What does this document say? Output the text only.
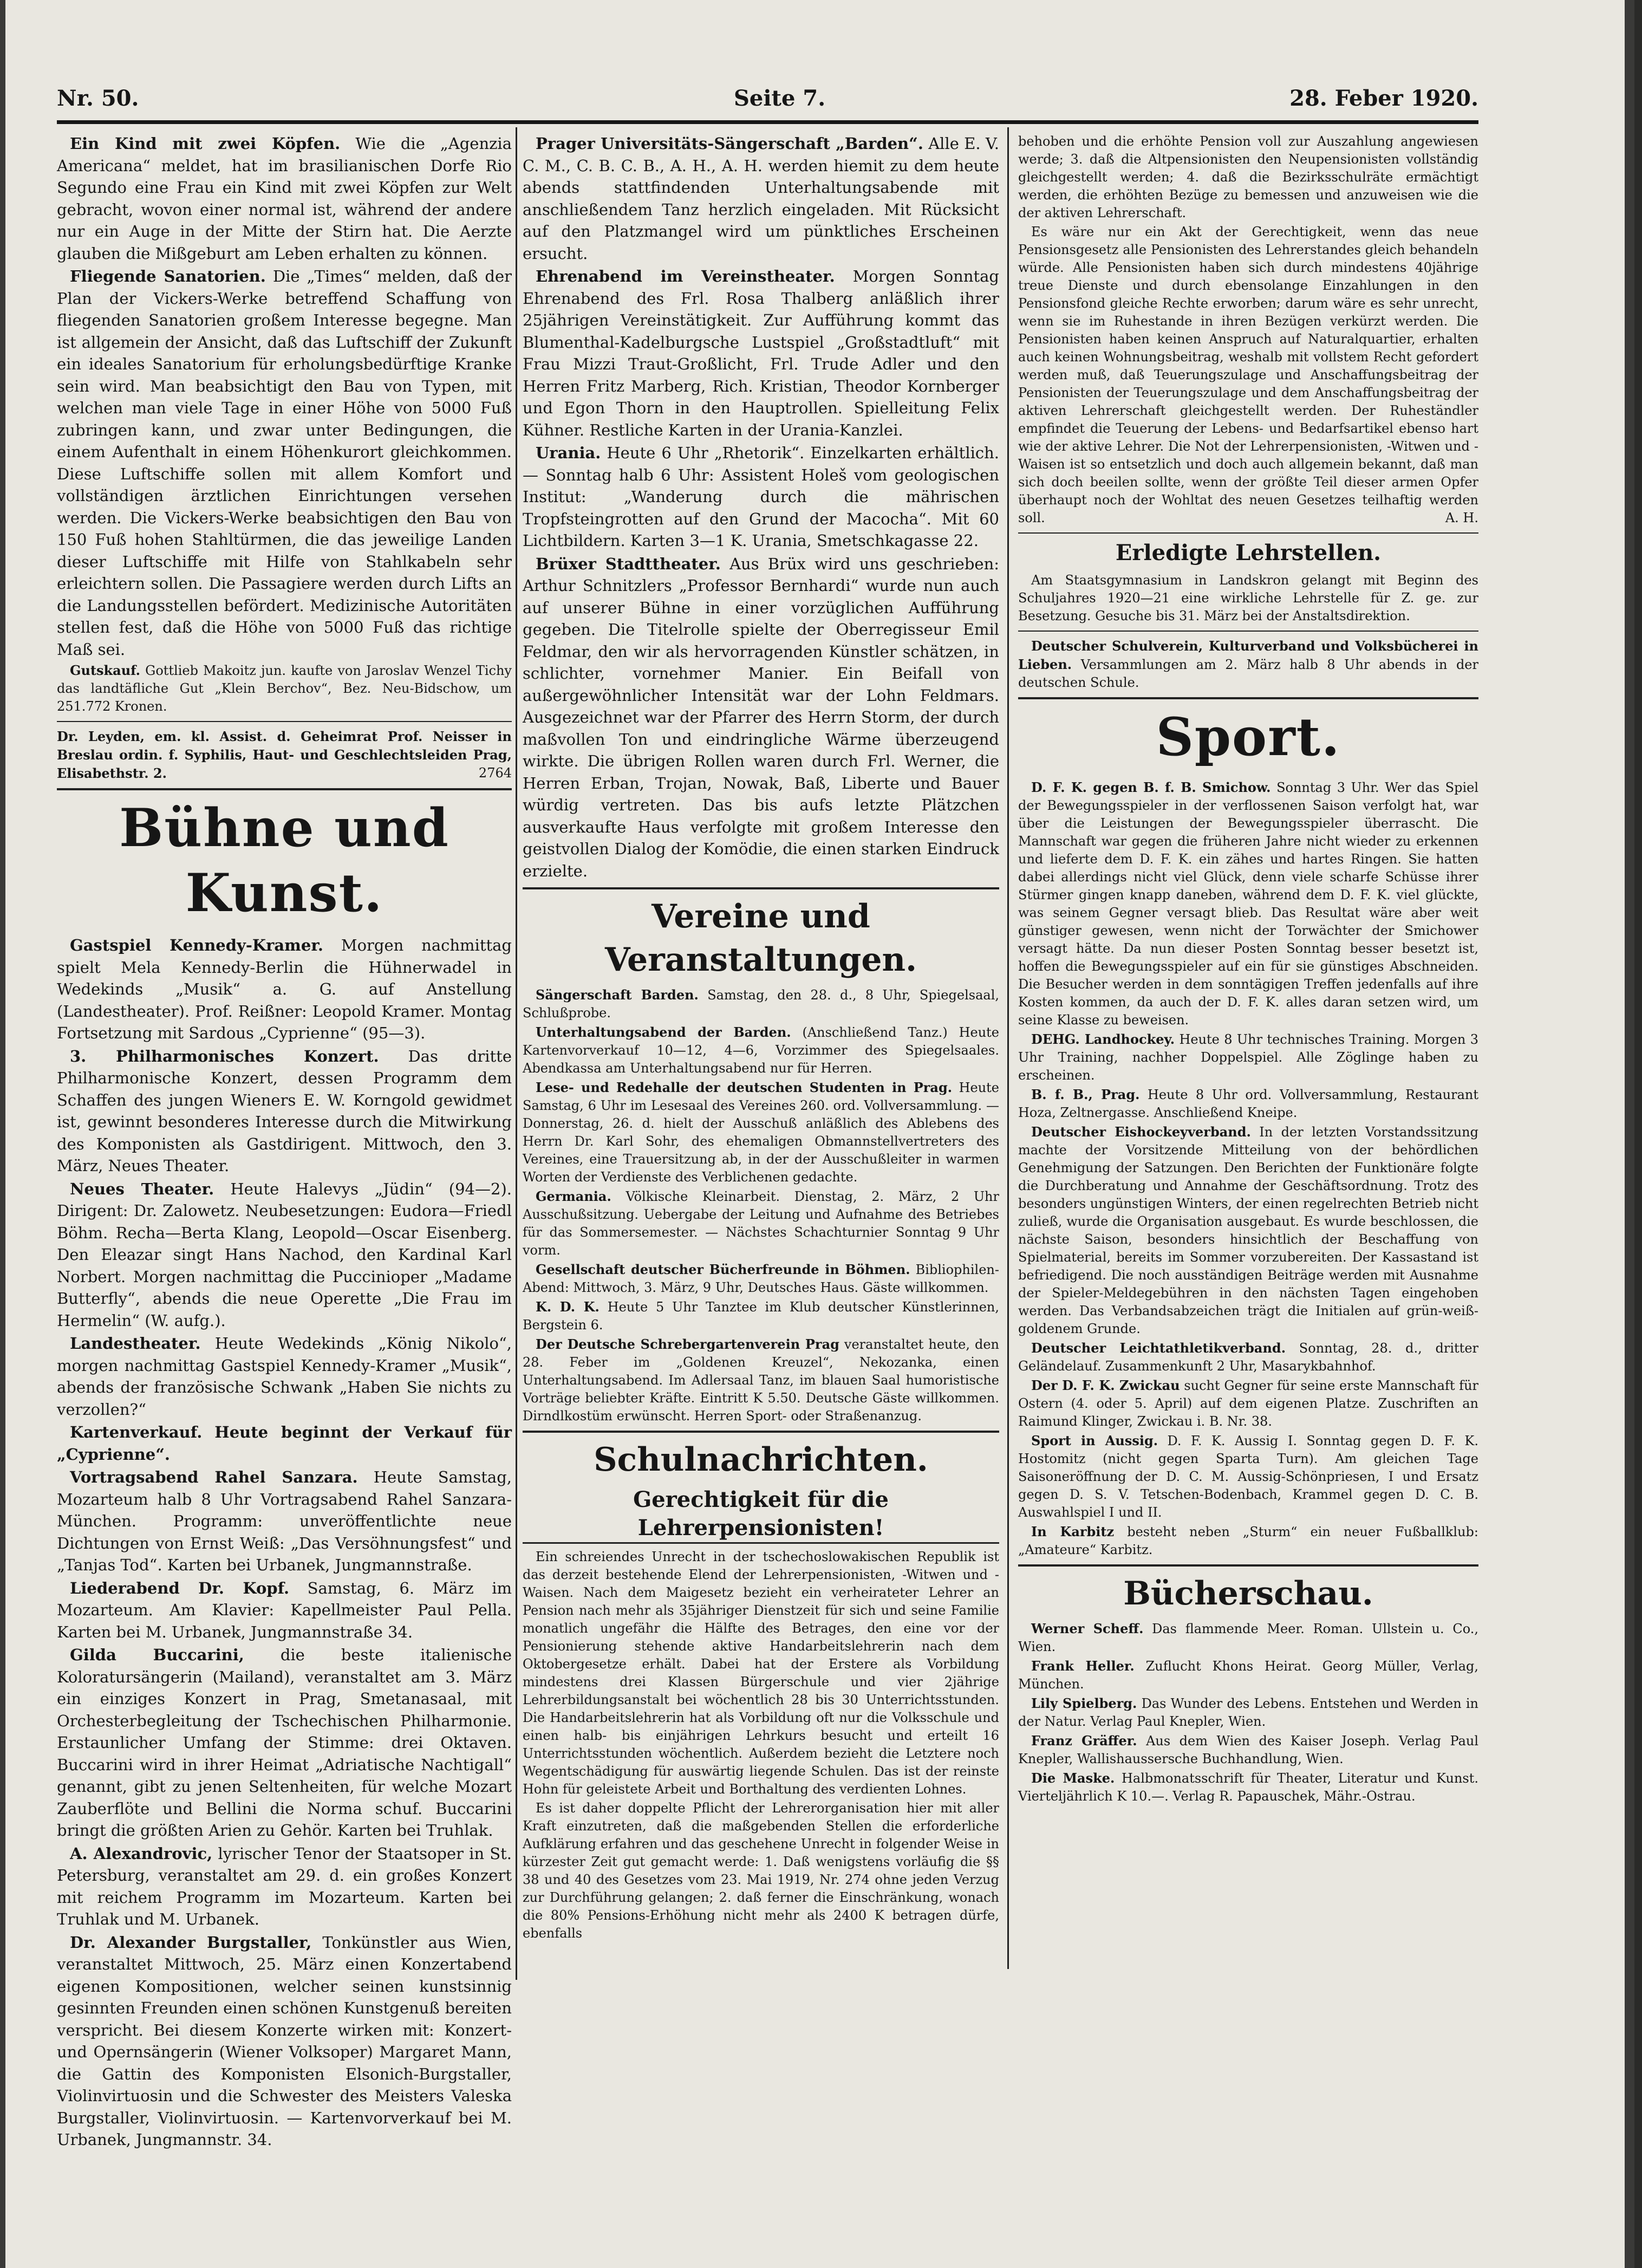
Nr. 50.	Seite 7.	28. Feber 1920.

Ein Kind mit zwei Köpfen. Wie die „Agenzia Americana“ meldet, hat im brasilianischen Dorfe Rio Segundo eine Frau ein Kind mit zwei Köpfen zur Welt gebracht, wovon einer normal ist, während der andere nur ein Auge in der Mitte der Stirn hat. Die Aerzte glauben die Mißgeburt am Leben erhalten zu können.

Fliegende Sanatorien. Die „Times“ melden, daß der Plan der Vickers-Werke betreffend Schaffung von fliegenden Sanatorien großem Interesse begegne. Man ist allgemein der Ansicht, daß das Luftschiff der Zukunft ein ideales Sanatorium für erholungsbedürftige Kranke sein wird. Man beabsichtigt den Bau von Typen, mit welchen man viele Tage in einer Höhe von 5000 Fuß zubringen kann, und zwar unter Bedingungen, die einem Aufenthalt in einem Höhenkurort gleichkommen. Diese Luftschiffe sollen mit allem Komfort und vollständigen ärztlichen Einrichtungen versehen werden. Die Vickers-Werke beabsichtigen den Bau von 150 Fuß hohen Stahltürmen, die das jeweilige Landen dieser Luftschiffe mit Hilfe von Stahlkabeln sehr erleichtern sollen. Die Passagiere werden durch Lifts an die Landungsstellen befördert. Medizinische Autoritäten stellen fest, daß die Höhe von 5000 Fuß das richtige Maß sei.

Gutskauf. Gottlieb Makoitz jun. kaufte von Jaroslav Wenzel Tichy das landtäfliche Gut „Klein Berchov“, Bez. Neu-Bidschow, um 251.772 Kronen.

Dr. Leyden, em. kl. Assist. d. Geheimrat Prof. Neisser in Breslau ordin. f. Syphilis, Haut- und Geschlechtsleiden Prag, Elisabethstr. 2.	2764

Bühne und Kunst.

Gastspiel Kennedy-Kramer. Morgen nachmittag spielt Mela Kennedy-Berlin die Hühnerwadel in Wedekinds „Musik“ a. G. auf Anstellung (Landestheater). Prof. Reißner: Leopold Kramer. Montag Fortsetzung mit Sardous „Cyprienne“ (95—3).

3. Philharmonisches Konzert. Das dritte Philharmonische Konzert, dessen Programm dem Schaffen des jungen Wieners E. W. Korngold gewidmet ist, gewinnt besonderes Interesse durch die Mitwirkung des Komponisten als Gastdirigent. Mittwoch, den 3. März, Neues Theater.

Neues Theater. Heute Halevys „Jüdin“ (94—2). Dirigent: Dr. Zalowetz. Neubesetzungen: Eudora—Friedl Böhm. Recha—Berta Klang, Leopold—Oscar Eisenberg. Den Eleazar singt Hans Nachod, den Kardinal Karl Norbert. Morgen nachmittag die Puccinioper „Madame Butterfly“, abends die neue Operette „Die Frau im Hermelin“ (W. aufg.).

Landestheater. Heute Wedekinds „König Nikolo“, morgen nachmittag Gastspiel Kennedy-Kramer „Musik“, abends der französische Schwank „Haben Sie nichts zu verzollen?“

Kartenverkauf. Heute beginnt der Verkauf für „Cyprienne“.

Vortragsabend Rahel Sanzara. Heute Samstag, Mozarteum halb 8 Uhr Vortragsabend Rahel Sanzara-München. Programm: unveröffentlichte neue Dichtungen von Ernst Weiß: „Das Versöhnungsfest“ und „Tanjas Tod“. Karten bei Urbanek, Jungmannstraße.

Liederabend Dr. Kopf. Samstag, 6. März im Mozarteum. Am Klavier: Kapellmeister Paul Pella. Karten bei M. Urbanek, Jungmannstraße 34.

Gilda Buccarini, die beste italienische Koloratursängerin (Mailand), veranstaltet am 3. März ein einziges Konzert in Prag, Smetanasaal, mit Orchesterbegleitung der Tschechischen Philharmonie. Erstaunlicher Umfang der Stimme: drei Oktaven. Buccarini wird in ihrer Heimat „Adriatische Nachtigall“ genannt, gibt zu jenen Seltenheiten, für welche Mozart Zauberflöte und Bellini die Norma schuf. Buccarini bringt die größten Arien zu Gehör. Karten bei Truhlak.

A. Alexandrovic, lyrischer Tenor der Staatsoper in St. Petersburg, veranstaltet am 29. d. ein großes Konzert mit reichem Programm im Mozarteum. Karten bei Truhlak und M. Urbanek.

Dr. Alexander Burgstaller, Tonkünstler aus Wien, veranstaltet Mittwoch, 25. März einen Konzertabend eigenen Kompositionen, welcher seinen kunstsinnig gesinnten Freunden einen schönen Kunstgenuß bereiten verspricht. Bei diesem Konzerte wirken mit: Konzert- und Opernsängerin (Wiener Volksoper) Margaret Mann, die Gattin des Komponisten Elsonich-Burgstaller, Violinvirtuosin und die Schwester des Meisters Valeska Burgstaller, Violinvirtuosin. — Kartenvorverkauf bei M. Urbanek, Jungmannstr. 34.

Prager Universitäts-Sängerschaft „Barden“. Alle E. V. C. M., C. B. C. B., A. H., A. H. werden hiemit zu dem heute abends stattfindenden Unterhaltungsabende mit anschließendem Tanz herzlich eingeladen. Mit Rücksicht auf den Platzmangel wird um pünktliches Erscheinen ersucht.

Ehrenabend im Vereinstheater. Morgen Sonntag Ehrenabend des Frl. Rosa Thalberg anläßlich ihrer 25jährigen Vereinstätigkeit. Zur Aufführung kommt das Blumenthal-Kadelburgsche Lustspiel „Großstadtluft“ mit Frau Mizzi Traut-Großlicht, Frl. Trude Adler und den Herren Fritz Marberg, Rich. Kristian, Theodor Kornberger und Egon Thorn in den Hauptrollen. Spielleitung Felix Kühner. Restliche Karten in der Urania-Kanzlei.

Urania. Heute 6 Uhr „Rhetorik“. Einzelkarten erhältlich. — Sonntag halb 6 Uhr: Assistent Holeš vom geologischen Institut: „Wanderung durch die mährischen Tropfsteingrotten auf den Grund der Macocha“. Mit 60 Lichtbildern. Karten 3—1 K. Urania, Smetschkagasse 22.

Brüxer Stadttheater. Aus Brüx wird uns geschrieben: Arthur Schnitzlers „Professor Bernhardi“ wurde nun auch auf unserer Bühne in einer vorzüglichen Aufführung gegeben. Die Titelrolle spielte der Oberregisseur Emil Feldmar, den wir als hervorragenden Künstler schätzen, in schlichter, vornehmer Manier. Ein Beifall von außergewöhnlicher Intensität war der Lohn Feldmars. Ausgezeichnet war der Pfarrer des Herrn Storm, der durch maßvollen Ton und eindringliche Wärme überzeugend wirkte. Die übrigen Rollen waren durch Frl. Werner, die Herren Erban, Trojan, Nowak, Baß, Liberte und Bauer würdig vertreten. Das bis aufs letzte Plätzchen ausverkaufte Haus verfolgte mit großem Interesse den geistvollen Dialog der Komödie, die einen starken Eindruck erzielte.

Vereine und Veranstaltungen.

Sängerschaft Barden. Samstag, den 28. d., 8 Uhr, Spiegelsaal, Schlußprobe.

Unterhaltungsabend der Barden. (Anschließend Tanz.) Heute Kartenvorverkauf 10—12, 4—6, Vorzimmer des Spiegelsaales. Abendkassa am Unterhaltungsabend nur für Herren.

Lese- und Redehalle der deutschen Studenten in Prag. Heute Samstag, 6 Uhr im Lesesaal des Vereines 260. ord. Vollversammlung. — Donnerstag, 26. d. hielt der Ausschuß anläßlich des Ablebens des Herrn Dr. Karl Sohr, des ehemaligen Obmannstellvertreters des Vereines, eine Trauersitzung ab, in der der Ausschußleiter in warmen Worten der Verdienste des Verblichenen gedachte.

Germania. Völkische Kleinarbeit. Dienstag, 2. März, 2 Uhr Ausschußsitzung. Uebergabe der Leitung und Aufnahme des Betriebes für das Sommersemester. — Nächstes Schachturnier Sonntag 9 Uhr vorm.

Gesellschaft deutscher Bücherfreunde in Böhmen. Bibliophilen-Abend: Mittwoch, 3. März, 9 Uhr, Deutsches Haus. Gäste willkommen.

K. D. K. Heute 5 Uhr Tanztee im Klub deutscher Künstlerinnen, Bergstein 6.

Der Deutsche Schrebergartenverein Prag veranstaltet heute, den 28. Feber im „Goldenen Kreuzel“, Nekozanka, einen Unterhaltungsabend. Im Adlersaal Tanz, im blauen Saal humoristische Vorträge beliebter Kräfte. Eintritt K 5.50. Deutsche Gäste willkommen. Dirndlkostüm erwünscht. Herren Sport- oder Straßenanzug.

Schulnachrichten.
Gerechtigkeit für die Lehrerpensionisten!

Ein schreiendes Unrecht in der tschechoslowakischen Republik ist das derzeit bestehende Elend der Lehrerpensionisten, -Witwen und -Waisen. Nach dem Maigesetz bezieht ein verheirateter Lehrer an Pension nach mehr als 35jähriger Dienstzeit für sich und seine Familie monatlich ungefähr die Hälfte des Betrages, den eine vor der Pensionierung stehende aktive Handarbeitslehrerin nach dem Oktobergesetze erhält. Dabei hat der Erstere als Vorbildung mindestens drei Klassen Bürgerschule und vier 2jährige Lehrerbildungsanstalt bei wöchentlich 28 bis 30 Unterrichtsstunden. Die Handarbeitslehrerin hat als Vorbildung oft nur die Volksschule und einen halb- bis einjährigen Lehrkurs besucht und erteilt 16 Unterrichtsstunden wöchentlich. Außerdem bezieht die Letztere noch Wegentschädigung für auswärtig liegende Schulen. Das ist der reinste Hohn für geleistete Arbeit und Borthaltung des verdienten Lohnes.

Es ist daher doppelte Pflicht der Lehrerorganisation hier mit aller Kraft einzutreten, daß die maßgebenden Stellen die erforderliche Aufklärung erfahren und das geschehene Unrecht in folgender Weise in kürzester Zeit gut gemacht werde: 1. Daß wenigstens vorläufig die §§ 38 und 40 des Gesetzes vom 23. Mai 1919, Nr. 274 ohne jeden Verzug zur Durchführung gelangen; 2. daß ferner die Einschränkung, wonach die 80% Pensions-Erhöhung nicht mehr als 2400 K betragen dürfe, ebenfalls

behoben und die erhöhte Pension voll zur Auszahlung angewiesen werde; 3. daß die Altpensionisten den Neupensionisten vollständig gleichgestellt werden; 4. daß die Bezirksschulräte ermächtigt werden, die erhöhten Bezüge zu bemessen und anzuweisen wie die der aktiven Lehrerschaft.

Es wäre nur ein Akt der Gerechtigkeit, wenn das neue Pensionsgesetz alle Pensionisten des Lehrerstandes gleich behandeln würde. Alle Pensionisten haben sich durch mindestens 40jährige treue Dienste und durch ebensolange Einzahlungen in den Pensionsfond gleiche Rechte erworben; darum wäre es sehr unrecht, wenn sie im Ruhestande in ihren Bezügen verkürzt werden. Die Pensionisten haben keinen Anspruch auf Naturalquartier, erhalten auch keinen Wohnungsbeitrag, weshalb mit vollstem Recht gefordert werden muß, daß Teuerungszulage und Anschaffungsbeitrag der Pensionisten der Teuerungszulage und dem Anschaffungsbeitrag der aktiven Lehrerschaft gleichgestellt werden. Der Ruheständler empfindet die Teuerung der Lebens- und Bedarfsartikel ebenso hart wie der aktive Lehrer. Die Not der Lehrerpensionisten, -Witwen und -Waisen ist so entsetzlich und doch auch allgemein bekannt, daß man sich doch beeilen sollte, wenn der größte Teil dieser armen Opfer überhaupt noch der Wohltat des neuen Gesetzes teilhaftig werden soll.	A. H.

Erledigte Lehrstellen.

Am Staatsgymnasium in Landskron gelangt mit Beginn des Schuljahres 1920—21 eine wirkliche Lehrstelle für Z. ge. zur Besetzung. Gesuche bis 31. März bei der Anstaltsdirektion.

Deutscher Schulverein, Kulturverband und Volksbücherei in Lieben. Versammlungen am 2. März halb 8 Uhr abends in der deutschen Schule.

Sport.

D. F. K. gegen B. f. B. Smichow. Sonntag 3 Uhr. Wer das Spiel der Bewegungsspieler in der verflossenen Saison verfolgt hat, war über die Leistungen der Bewegungsspieler überrascht. Die Mannschaft war gegen die früheren Jahre nicht wieder zu erkennen und lieferte dem D. F. K. ein zähes und hartes Ringen. Sie hatten dabei allerdings nicht viel Glück, denn viele scharfe Schüsse ihrer Stürmer gingen knapp daneben, während dem D. F. K. viel glückte, was seinem Gegner versagt blieb. Das Resultat wäre aber weit günstiger gewesen, wenn nicht der Torwächter der Smichower versagt hätte. Da nun dieser Posten Sonntag besser besetzt ist, hoffen die Bewegungsspieler auf ein für sie günstiges Abschneiden. Die Besucher werden in dem sonntägigen Treffen jedenfalls auf ihre Kosten kommen, da auch der D. F. K. alles daran setzen wird, um seine Klasse zu beweisen.

DEHG. Landhockey. Heute 8 Uhr technisches Training. Morgen 3 Uhr Training, nachher Doppelspiel. Alle Zöglinge haben zu erscheinen.

B. f. B., Prag. Heute 8 Uhr ord. Vollversammlung, Restaurant Hoza, Zeltnergasse. Anschließend Kneipe.

Deutscher Eishockeyverband. In der letzten Vorstandssitzung machte der Vorsitzende Mitteilung von der behördlichen Genehmigung der Satzungen. Den Berichten der Funktionäre folgte die Durchberatung und Annahme der Geschäftsordnung. Trotz des besonders ungünstigen Winters, der einen regelrechten Betrieb nicht zuließ, wurde die Organisation ausgebaut. Es wurde beschlossen, die nächste Saison, besonders hinsichtlich der Beschaffung von Spielmaterial, bereits im Sommer vorzubereiten. Der Kassastand ist befriedigend. Die noch ausständigen Beiträge werden mit Ausnahme der Spieler-Meldegebühren in den nächsten Tagen eingehoben werden. Das Verbandsabzeichen trägt die Initialen auf grün-weiß-goldenem Grunde.

Deutscher Leichtathletikverband. Sonntag, 28. d., dritter Geländelauf. Zusammenkunft 2 Uhr, Masarykbahnhof.

Der D. F. K. Zwickau sucht Gegner für seine erste Mannschaft für Ostern (4. oder 5. April) auf dem eigenen Platze. Zuschriften an Raimund Klinger, Zwickau i. B. Nr. 38.

Sport in Aussig. D. F. K. Aussig I. Sonntag gegen D. F. K. Hostomitz (nicht gegen Sparta Turn). Am gleichen Tage Saisoneröffnung der D. C. M. Aussig-Schönpriesen, I und Ersatz gegen D. S. V. Tetschen-Bodenbach, Krammel gegen D. C. B. Auswahlspiel I und II.

In Karbitz besteht neben „Sturm“ ein neuer Fußballklub: „Amateure“ Karbitz.

Bücherschau.

Werner Scheff. Das flammende Meer. Roman. Ullstein u. Co., Wien.

Frank Heller. Zuflucht Khons Heirat. Georg Müller, Verlag, München.

Lily Spielberg. Das Wunder des Lebens. Entstehen und Werden in der Natur. Verlag Paul Knepler, Wien.

Franz Gräffer. Aus dem Wien des Kaiser Joseph. Verlag Paul Knepler, Wallishaussersche Buchhandlung, Wien.

Die Maske. Halbmonatsschrift für Theater, Literatur und Kunst. Vierteljährlich K 10.—. Verlag R. Papauschek, Mähr.-Ostrau.
